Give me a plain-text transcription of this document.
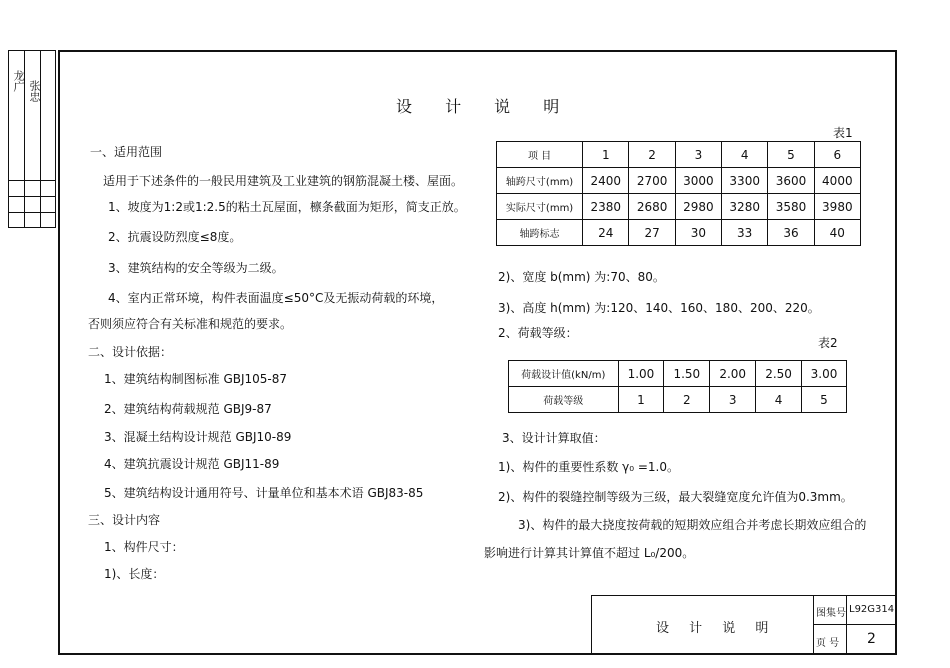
龙广 张忠
设 计 说 明
一、适用范围
适用于下述条件的一般民用建筑及工业建筑的钢筋混凝土楼、屋面。
1、坡度为1:2或1:2.5的粘土瓦屋面，檩条截面为矩形，简支正放。
2、抗震设防烈度≤8度。
3、建筑结构的安全等级为二级。
4、室内正常环境，构件表面温度≤50°C及无振动荷载的环境，
否则须应符合有关标准和规范的要求。
二、设计依据：
1、建筑结构制图标准 GBJ105-87
2、建筑结构荷载规范 GBJ9-87
3、混凝土结构设计规范 GBJ10-89
4、建筑抗震设计规范 GBJ11-89
5、建筑结构设计通用符号、计量单位和基本术语 GBJ83-85
三、设计内容
1、构件尺寸：
1)、长度：
表1
项 目	1	2	3	4	5	6
轴跨尺寸(mm)	2400	2700	3000	3300	3600	4000
实际尺寸(mm)	2380	2680	2980	3280	3580	3980
轴跨标志	24	27	30	33	36	40
2)、宽度 b(mm) 为:70、80。
3)、高度 h(mm) 为:120、140、160、180、200、220。
2、荷载等级：
表2
荷载设计值(kN/m)	1.00	1.50	2.00	2.50	3.00
荷载等级	1	2	3	4	5
3、设计计算取值：
1)、构件的重要性系数 γ₀ =1.0。
2)、构件的裂缝控制等级为三级，最大裂缝宽度允许值为0.3mm。
3)、构件的最大挠度按荷载的短期效应组合并考虑长期效应组合的
影响进行计算其计算值不超过 L₀/200。
设 计 说 明
图集号 L92G314
页 号 2
